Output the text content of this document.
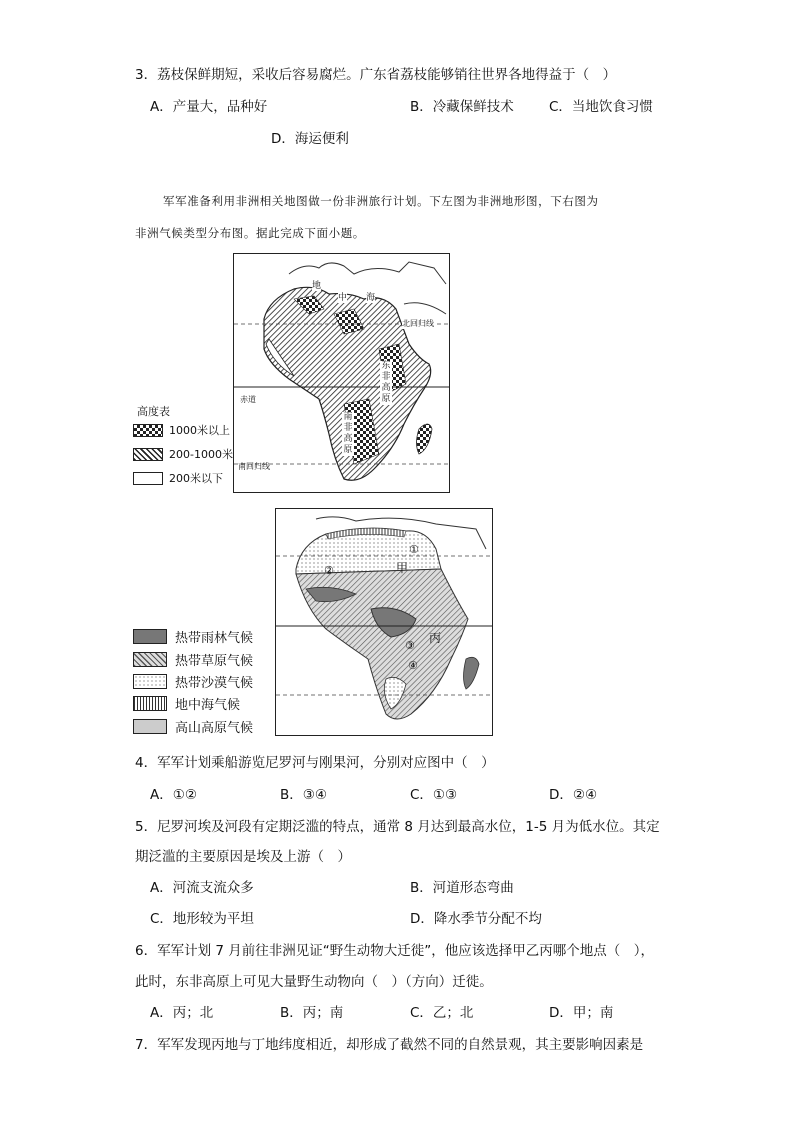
3．荔枝保鲜期短，采收后容易腐烂。广东省荔枝能够销往世界各地得益于（　）
A．产量大，品种好	B．冷藏保鲜技术	C．当地饮食习惯
D．海运便利
军军准备利用非洲相关地图做一份非洲旅行计划。下左图为非洲地形图，下右图为
非洲气候类型分布图。据此完成下面小题。
地
中 海
北回归线
赤道
南回归线
东
非
高
原
南
非
高
原
高度表
1000米以上
200-1000米
200米以下
①
②	甲
丙
③
④
热带雨林气候
热带草原气候
热带沙漠气候
地中海气候
高山高原气候
4．军军计划乘船游览尼罗河与刚果河，分别对应图中（　）
A．①②	B．③④	C．①③	D．②④
5．尼罗河埃及河段有定期泛滥的特点，通常 8 月达到最高水位，1-5 月为低水位。其定
期泛滥的主要原因是埃及上游（　）
A．河流支流众多	B．河道形态弯曲
C．地形较为平坦	D．降水季节分配不均
6．军军计划 7 月前往非洲见证“野生动物大迁徙”，他应该选择甲乙丙哪个地点（　），
此时，东非高原上可见大量野生动物向（　）（方向）迁徙。
A．丙；北	B．丙；南	C．乙；北	D．甲；南
7．军军发现丙地与丁地纬度相近，却形成了截然不同的自然景观，其主要影响因素是
